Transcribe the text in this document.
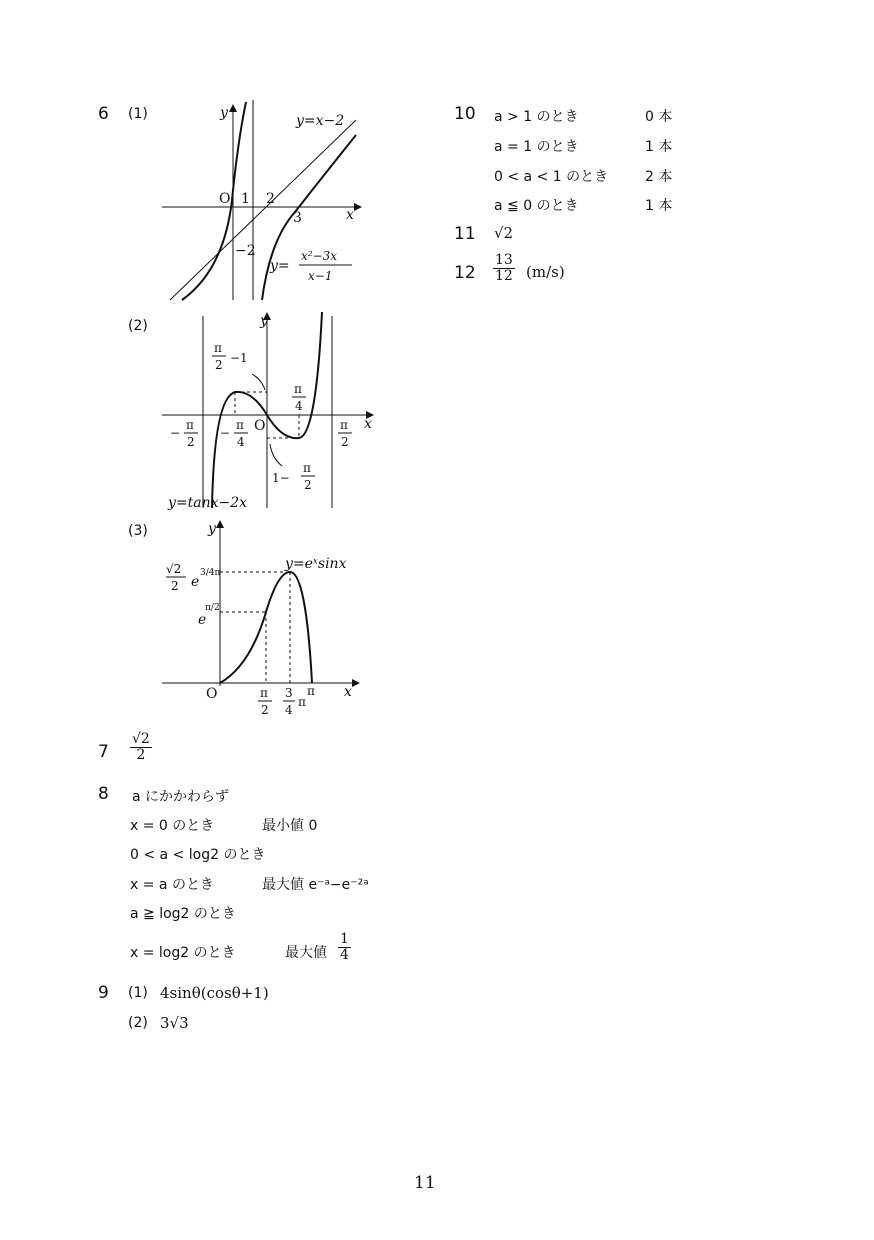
6 (1)	y
x
O 1 2
3
−2
y=x−2
y=
x²−3x
x−1
(2)	y
x
O
π
2 −1
π
4
−
π
2
−
π
4
π
2
1−
π
2
y=tanx−2x
(3)	y
x
O
y=eˣsinx
√2
2 e
3/4π
e
π/2
π
2
3
4
π
π
$7 \frac{√2}{2}$
8 a にかかわらず
x = 0 のとき	最小値 0
0 < a < log2 のとき
x = a のとき	最大値 e⁻ᵃ−e⁻²ᵃ
a ≧ log2 のとき
x = log2 のとき	最大値 $\frac{1}{4}$
9 (1) 4sinθ(cosθ+1)
(2) 3√3
10 a > 1 のとき	0 本
a = 1 のとき	1 本
0 < a < 1 のとき	2 本
a ≦ 0 のとき	1 本
11 √2
$12 \frac{13}{12} (m/s)$
11
